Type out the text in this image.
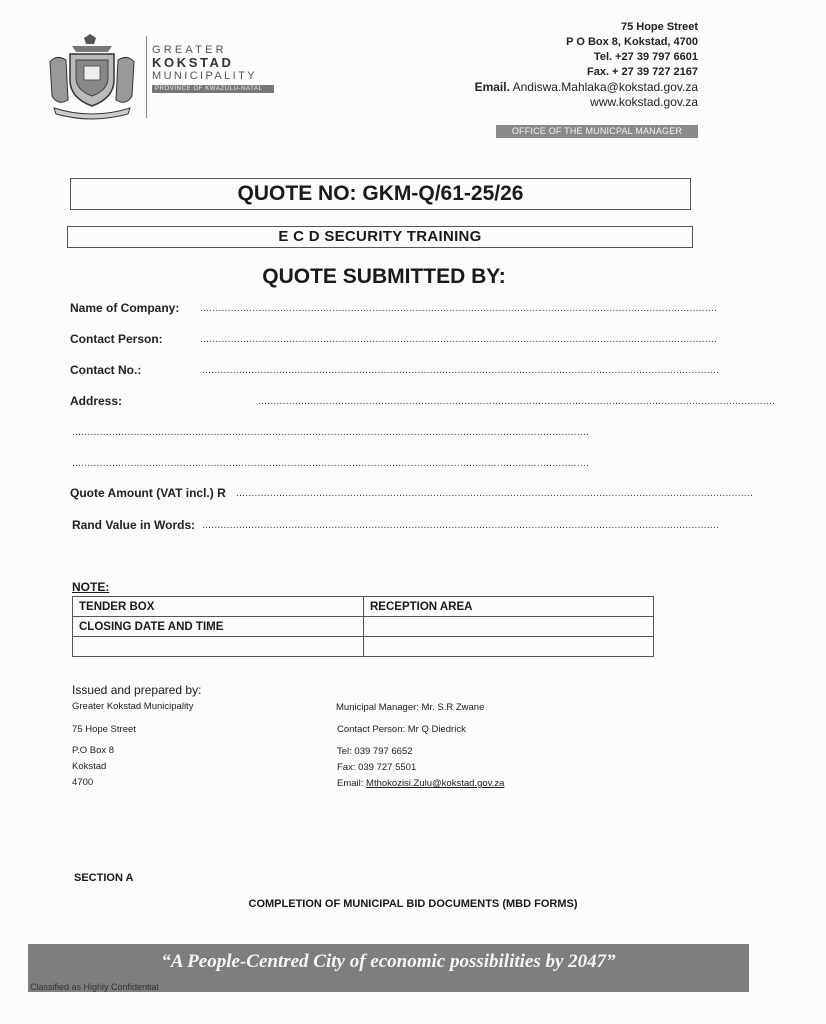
GREATER
KOKSTAD
MUNICIPALITY
PROVINCE OF KWAZULU-NATAL
75 Hope Street
P O Box 8, Kokstad, 4700
Tel. +27 39 797 6601
Fax. + 27 39 727 2167
Email. Andiswa.Mahlaka@kokstad.gov.za
www.kokstad.gov.za
OFFICE OF THE MUNICPAL MANAGER
QUOTE NO: GKM-Q/61-25/26
E C D SECURITY TRAINING
QUOTE SUBMITTED BY:
Name of Company: ........................................................................................................................................................................
Contact Person:	........................................................................................................................................................................
Contact No.:	........................................................................................................................................................................
Address:	........................................................................................................................................................................
........................................................................................................................................................................
........................................................................................................................................................................
Quote Amount (VAT incl.) R ........................................................................................................................................................................
Rand Value in Words: ........................................................................................................................................................................
NOTE:
TENDER BOX	RECEPTION AREA
CLOSING DATE AND TIME	

Issued and prepared by:
Greater Kokstad Municipality
75 Hope Street
P.O Box 8
Kokstad
4700
Municipal Manager: Mr. S.R Zwane
Contact Person: Mr Q Diedrick
Tel: 039 797 6652
Fax: 039 727 5501
Email: Mthokozisi.Zulu@kokstad.gov.za
SECTION A
COMPLETION OF MUNICIPAL BID DOCUMENTS (MBD FORMS)
“A People-Centred City of economic possibilities by 2047”
Classified as Highly Confidential
